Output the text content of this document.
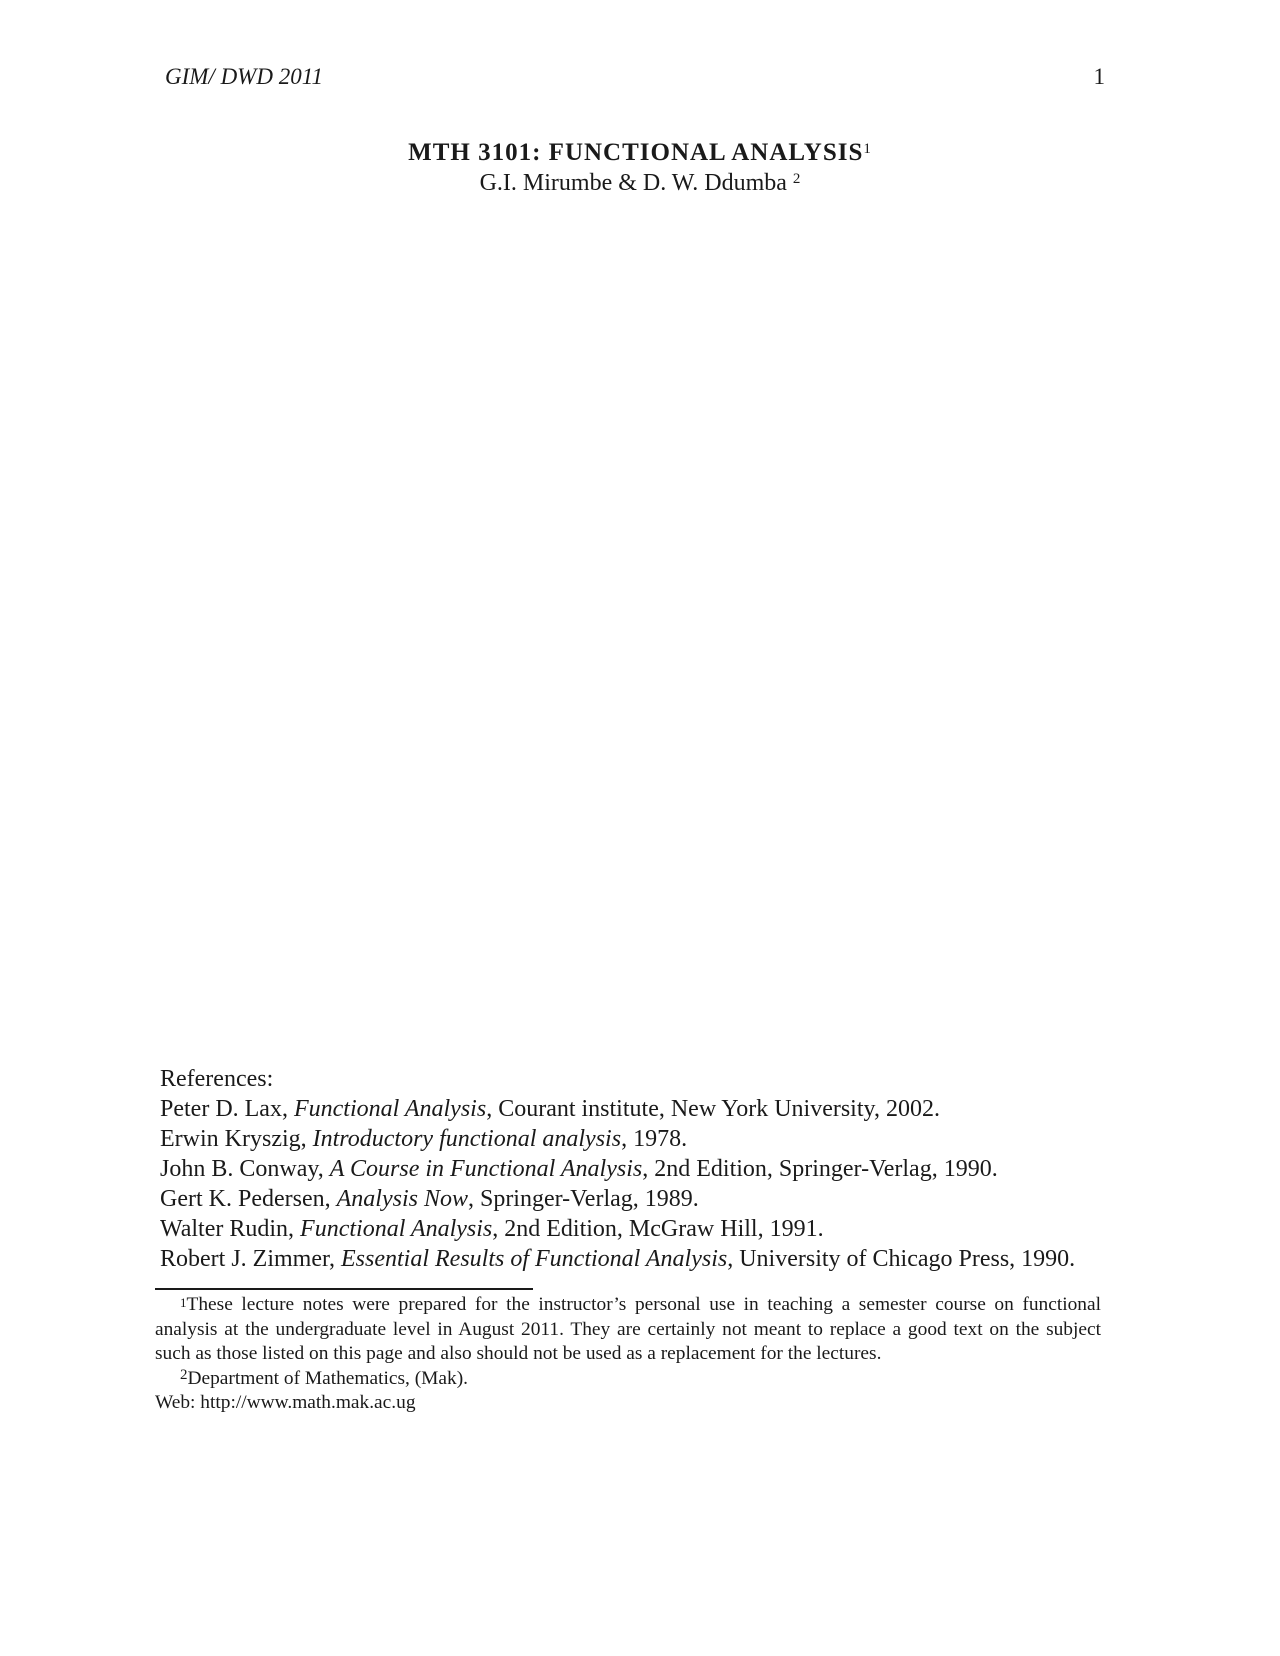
GIM/ DWD 2011	1
MTH 3101: FUNCTIONAL ANALYSIS$^1$
G.I. Mirumbe & D. W. Ddumba $^2$
References:
Peter D. Lax, Functional Analysis, Courant institute, New York University, 2002.
Erwin Kryszig, Introductory functional analysis, 1978.
John B. Conway, A Course in Functional Analysis, 2nd Edition, Springer-Verlag, 1990.
Gert K. Pedersen, Analysis Now, Springer-Verlag, 1989.
Walter Rudin, Functional Analysis, 2nd Edition, McGraw Hill, 1991.
Robert J. Zimmer, Essential Results of Functional Analysis, University of Chicago Press, 1990.

$^1$These lecture notes were prepared for the instructor’s personal use in teaching a semester course on functional analysis at the undergraduate level in August 2011. They are certainly not meant to replace a good text on the subject such as those listed on this page and also should not be used as a replacement for the lectures.

$^2$Department of Mathematics, (Mak).

Web: http://www.math.mak.ac.ug
